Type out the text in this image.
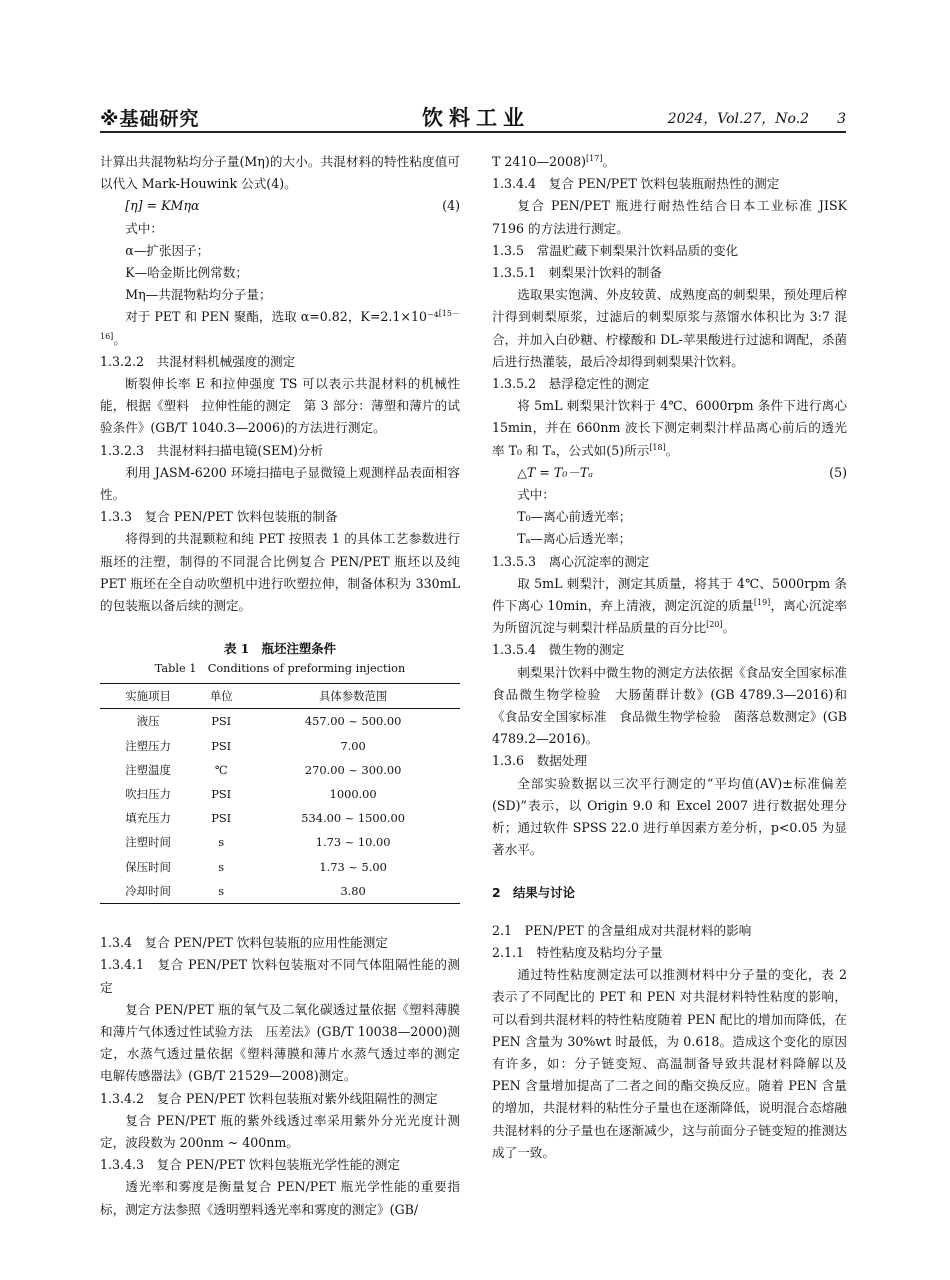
※基础研究	饮料工业	2024，Vol.27，No.2 3

计算出共混物粘均分子量(Mη)的大小。共混材料的特性粘度值可以代入 Mark-Houwink 公式(4)。

[η] = KMηα	(4)

式中：

α—扩张因子；

K—哈金斯比例常数；

Mη—共混物粘均分子量；

对于 PET 和 PEN 聚酯，选取 α=0.82，K=2.1×10⁻⁴[15－16]。

1.3.2.2　共混材料机械强度的测定

断裂伸长率 E 和拉伸强度 TS 可以表示共混材料的机械性能，根据《塑料　拉伸性能的测定　第 3 部分：薄塑和薄片的试验条件》(GB/T 1040.3—2006)的方法进行测定。

1.3.2.3　共混材料扫描电镜(SEM)分析

利用 JASM-6200 环境扫描电子显微镜上观测样品表面相容性。

1.3.3　复合 PEN/PET 饮料包装瓶的制备

将得到的共混颗粒和纯 PET 按照表 1 的具体工艺参数进行瓶坯的注塑，制得的不同混合比例复合 PEN/PET 瓶坯以及纯 PET 瓶坯在全自动吹塑机中进行吹塑拉伸，制备体积为 330mL 的包装瓶以备后续的测定。

表 1　瓶坯注塑条件
Table 1　Conditions of preforming injection
实施项目	单位	具体参数范围
液压	PSI	457.00 ~ 500.00
注塑压力	PSI	7.00
注塑温度	℃	270.00 ~ 300.00
吹扫压力	PSI	1000.00
填充压力	PSI	534.00 ~ 1500.00
注塑时间	s	1.73 ~ 10.00
保压时间	s	1.73 ~ 5.00
冷却时间	s	3.80

1.3.4　复合 PEN/PET 饮料包装瓶的应用性能测定

1.3.4.1　复合 PEN/PET 饮料包装瓶对不同气体阻隔性能的测定

复合 PEN/PET 瓶的氧气及二氧化碳透过量依据《塑料薄膜和薄片气体透过性试验方法　压差法》(GB/T 10038—2000)测定，水蒸气透过量依据《塑料薄膜和薄片水蒸气透过率的测定　电解传感器法》(GB/T 21529—2008)测定。

1.3.4.2　复合 PEN/PET 饮料包装瓶对紫外线阻隔性的测定

复合 PEN/PET 瓶的紫外线透过率采用紫外分光光度计测定，波段数为 200nm ~ 400nm。

1.3.4.3　复合 PEN/PET 饮料包装瓶光学性能的测定

透光率和雾度是衡量复合 PEN/PET 瓶光学性能的重要指标，测定方法参照《透明塑料透光率和雾度的测定》(GB/

T 2410—2008)[17]。

1.3.4.4　复合 PEN/PET 饮料包装瓶耐热性的测定

复合 PEN/PET 瓶进行耐热性结合日本工业标准 JISK 7196 的方法进行测定。

1.3.5　常温贮藏下刺梨果汁饮料品质的变化

1.3.5.1　刺梨果汁饮料的制备

选取果实饱满、外皮较黄、成熟度高的刺梨果，预处理后榨汁得到刺梨原浆，过滤后的刺梨原浆与蒸馏水体积比为 3:7 混合，并加入白砂糖、柠檬酸和 DL-苹果酸进行过滤和调配，杀菌后进行热灌装，最后冷却得到刺梨果汁饮料。

1.3.5.2　悬浮稳定性的测定

将 5mL 刺梨果汁饮料于 4℃、6000rpm 条件下进行离心 15min，并在 660nm 波长下测定刺梨汁样品离心前后的透光率 T₀ 和 Tₐ，公式如(5)所示[18]。

△T = T₀－Tₐ	(5)

式中：

T₀—离心前透光率；

Tₐ—离心后透光率；

1.3.5.3　离心沉淀率的测定

取 5mL 刺梨汁，测定其质量，将其于 4℃、5000rpm 条件下离心 10min，弃上清液，测定沉淀的质量[19]，离心沉淀率为所留沉淀与刺梨汁样品质量的百分比[20]。

1.3.5.4　微生物的测定

刺梨果汁饮料中微生物的测定方法依据《食品安全国家标准　食品微生物学检验　大肠菌群计数》(GB 4789.3—2016)和《食品安全国家标准　食品微生物学检验　菌落总数测定》(GB 4789.2—2016)。

1.3.6　数据处理

全部实验数据以三次平行测定的“平均值(AV)±标准偏差(SD)”表示，以 Origin 9.0 和 Excel 2007 进行数据处理分析；通过软件 SPSS 22.0 进行单因素方差分析，p<0.05 为显著水平。

2　结果与讨论

2.1　PEN/PET 的含量组成对共混材料的影响

2.1.1　特性粘度及粘均分子量

通过特性粘度测定法可以推测材料中分子量的变化，表 2 表示了不同配比的 PET 和 PEN 对共混材料特性粘度的影响，可以看到共混材料的特性粘度随着 PEN 配比的增加而降低，在 PEN 含量为 30%wt 时最低，为 0.618。造成这个变化的原因有许多，如：分子链变短、高温制备导致共混材料降解以及 PEN 含量增加提高了二者之间的酯交换反应。随着 PEN 含量的增加，共混材料的粘性分子量也在逐渐降低，说明混合态熔融共混材料的分子量也在逐渐减少，这与前面分子链变短的推测达成了一致。
